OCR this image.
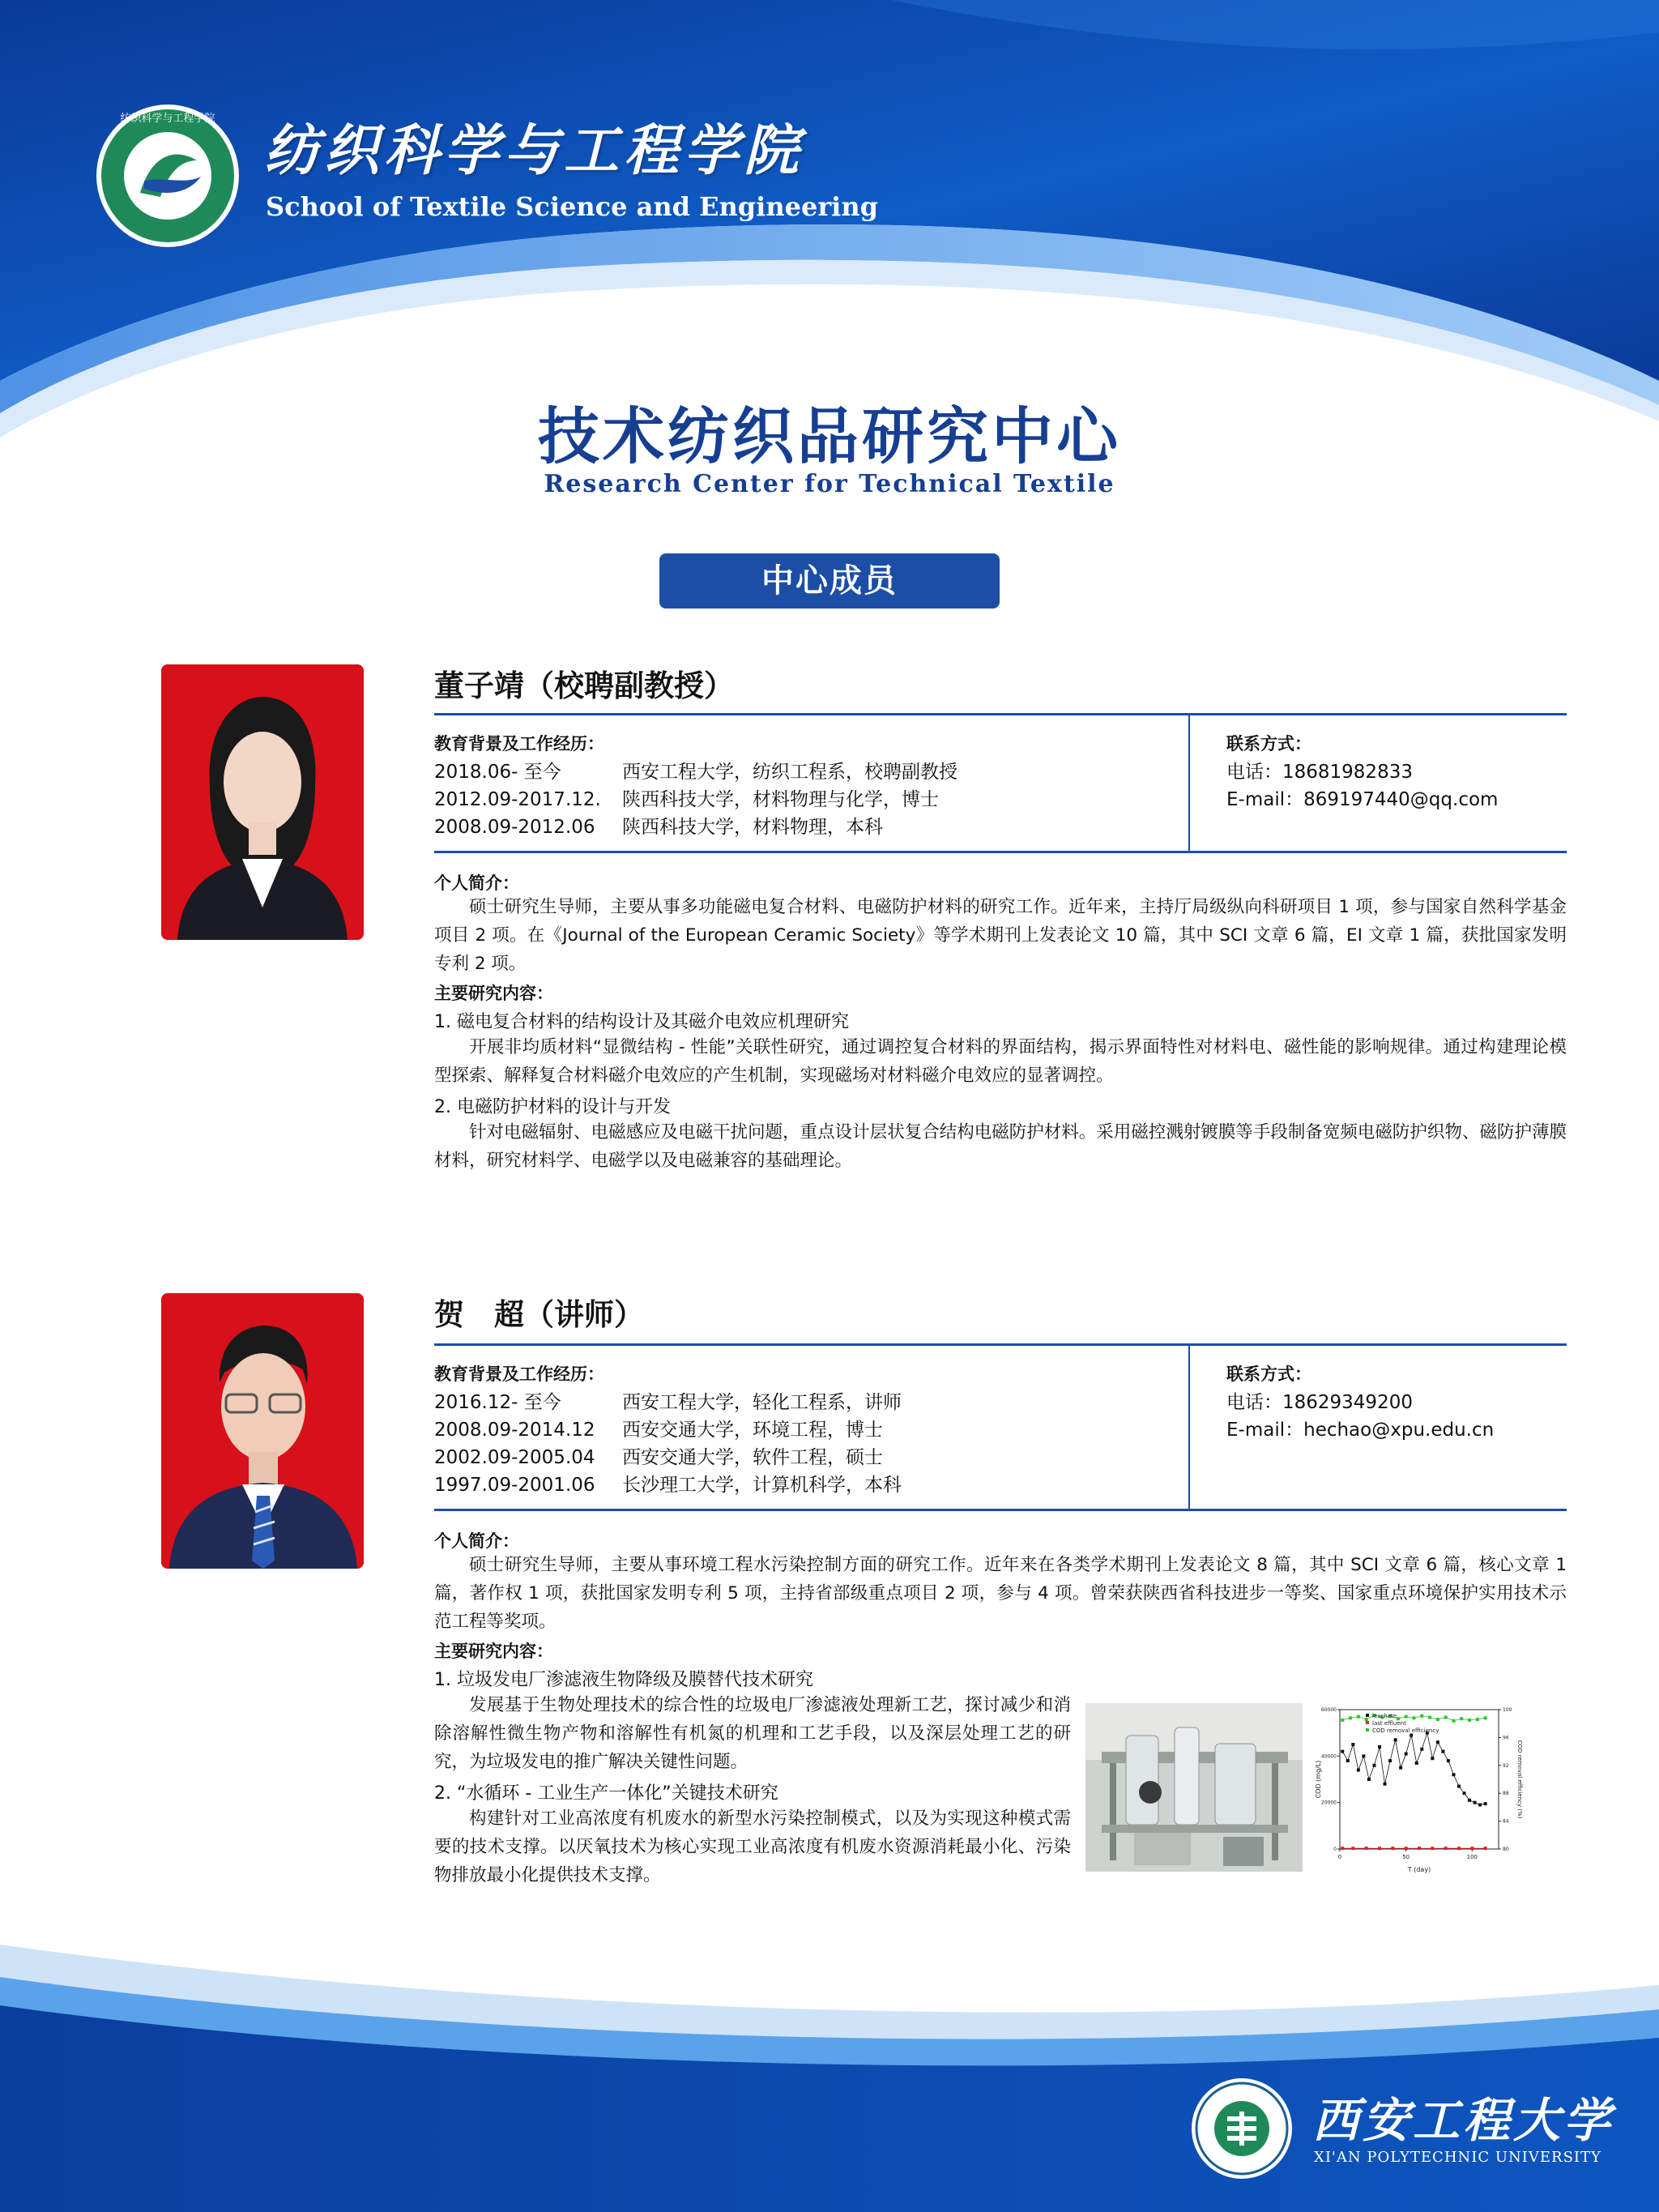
纺织科学与工程学院 纺织科学与工程学院
School of Textile Science and Engineering
技术纺织品研究中心
Research Center for Technical Textile
中心成员
董子靖（校聘副教授）
教育背景及工作经历：
2018.06- 至今	西安工程大学，纺织工程系，校聘副教授
2012.09-2017.12. 陕西科技大学，材料物理与化学，博士
2008.09-2012.06 陕西科技大学，材料物理，本科
联系方式：
电话：18681982833
E-mail：869197440@qq.com
个人简介：
硕士研究生导师，主要从事多功能磁电复合材料、电磁防护材料的研究工作。近年来，主持厅局级纵向科研项目 1 项，参与国家自然科学基金项目 2 项。在《Journal of the European Ceramic Society》等学术期刊上发表论文 10 篇，其中 SCI 文章 6 篇，EI 文章 1 篇，获批国家发明专利 2 项。
主要研究内容：
1. 磁电复合材料的结构设计及其磁介电效应机理研究
开展非均质材料“显微结构 - 性能”关联性研究，通过调控复合材料的界面结构，揭示界面特性对材料电、磁性能的影响规律。通过构建理论模型探索、解释复合材料磁介电效应的产生机制，实现磁场对材料磁介电效应的显著调控。
2. 电磁防护材料的设计与开发
针对电磁辐射、电磁感应及电磁干扰问题，重点设计层状复合结构电磁防护材料。采用磁控溅射镀膜等手段制备宽频电磁防护织物、磁防护薄膜材料，研究材料学、电磁学以及电磁兼容的基础理论。
贺　超（讲师）
教育背景及工作经历：
2016.12- 至今	西安工程大学，轻化工程系，讲师
2008.09-2014.12 西安交通大学，环境工程，博士
2002.09-2005.04 西安交通大学，软件工程，硕士
1997.09-2001.06 长沙理工大学，计算机科学，本科
联系方式：
电话：18629349200
E-mail：hechao@xpu.edu.cn
个人简介：
硕士研究生导师，主要从事环境工程水污染控制方面的研究工作。近年来在各类学术期刊上发表论文 8 篇，其中 SCI 文章 6 篇，核心文章 1 篇，著作权 1 项，获批国家发明专利 5 项，主持省部级重点项目 2 项，参与 4 项。曾荣获陕西省科技进步一等奖、国家重点环境保护实用技术示范工程等奖项。
主要研究内容：
1. 垃圾发电厂渗滤液生物降级及膜替代技术研究
发展基于生物处理技术的综合性的垃圾电厂渗滤液处理新工艺，探讨减少和消除溶解性微生物产物和溶解性有机氮的机理和工艺手段，以及深层处理工艺的研究，为垃圾发电的推广解决关键性问题。
2. “水循环 - 工业生产一体化”关键技术研究
构建针对工业高浓度有机废水的新型水污染控制模式，以及为实现这种模式需要的技术支撑。以厌氧技术为核心实现工业高浓度有机废水资源消耗最小化、污染物排放最小化提供技术支撑。
0	50	100
0
20000
40000
60000
80
84
88
92
96
100
T (day)
COD (mg/L)	COD removal efficiency (%)
leachate
last effluent
COD removal efficiency
西安工程大学
XI'AN POLYTECHNIC UNIVERSITY
